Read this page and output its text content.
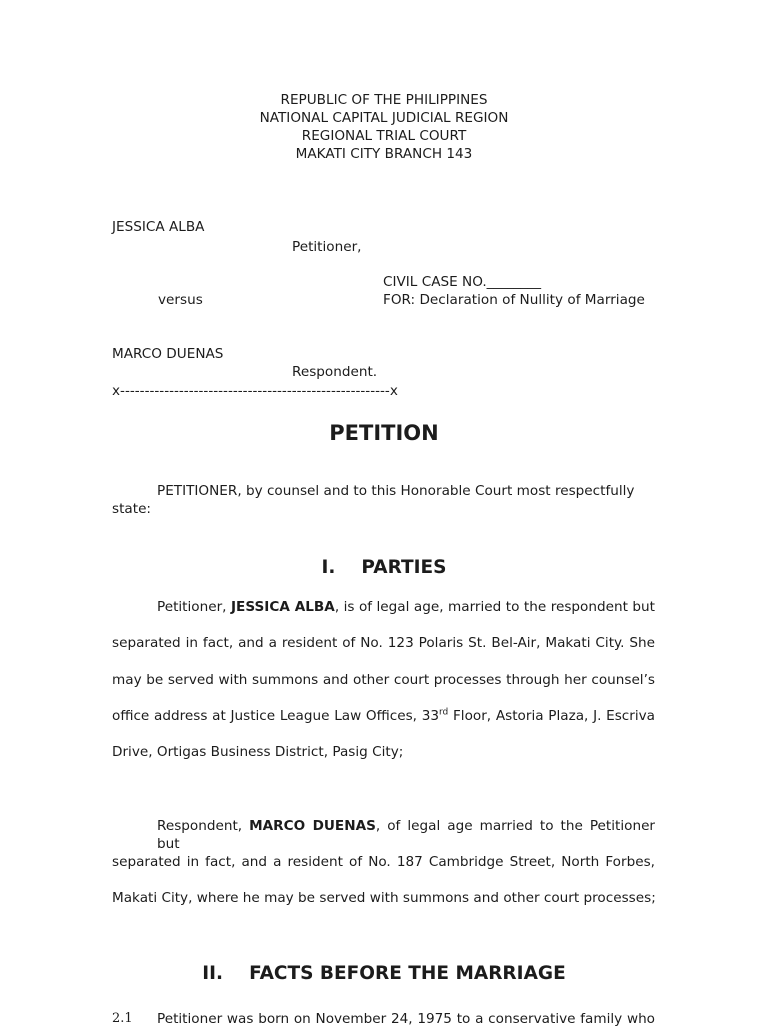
REPUBLIC OF THE PHILIPPINES
NATIONAL CAPITAL JUDICIAL REGION
REGIONAL TRIAL COURT
MAKATI CITY BRANCH 143
JESSICA ALBA
Petitioner,
CIVIL CASE NO.________
versus	FOR: Declaration of Nullity of Marriage
MARCO DUENAS
Respondent.
x-------------------------------------------------------x
PETITION
PETITIONER, by counsel and to this Honorable Court most respectfully
state:
I. PARTIES
Petitioner, JESSICA ALBA, is of legal age, married to the respondent but
separated in fact, and a resident of No. 123 Polaris St. Bel-Air, Makati City. She
may be served with summons and other court processes through her counsel’s
office address at Justice League Law Offices, 33rd Floor, Astoria Plaza, J. Escriva
Drive, Ortigas Business District, Pasig City;
Respondent, MARCO DUENAS, of legal age married to the Petitioner but
separated in fact, and a resident of No. 187 Cambridge Street, North Forbes,
Makati City, where he may be served with summons and other court processes;
II. FACTS BEFORE THE MARRIAGE
2.1 Petitioner was born on November 24, 1975 to a conservative family who
